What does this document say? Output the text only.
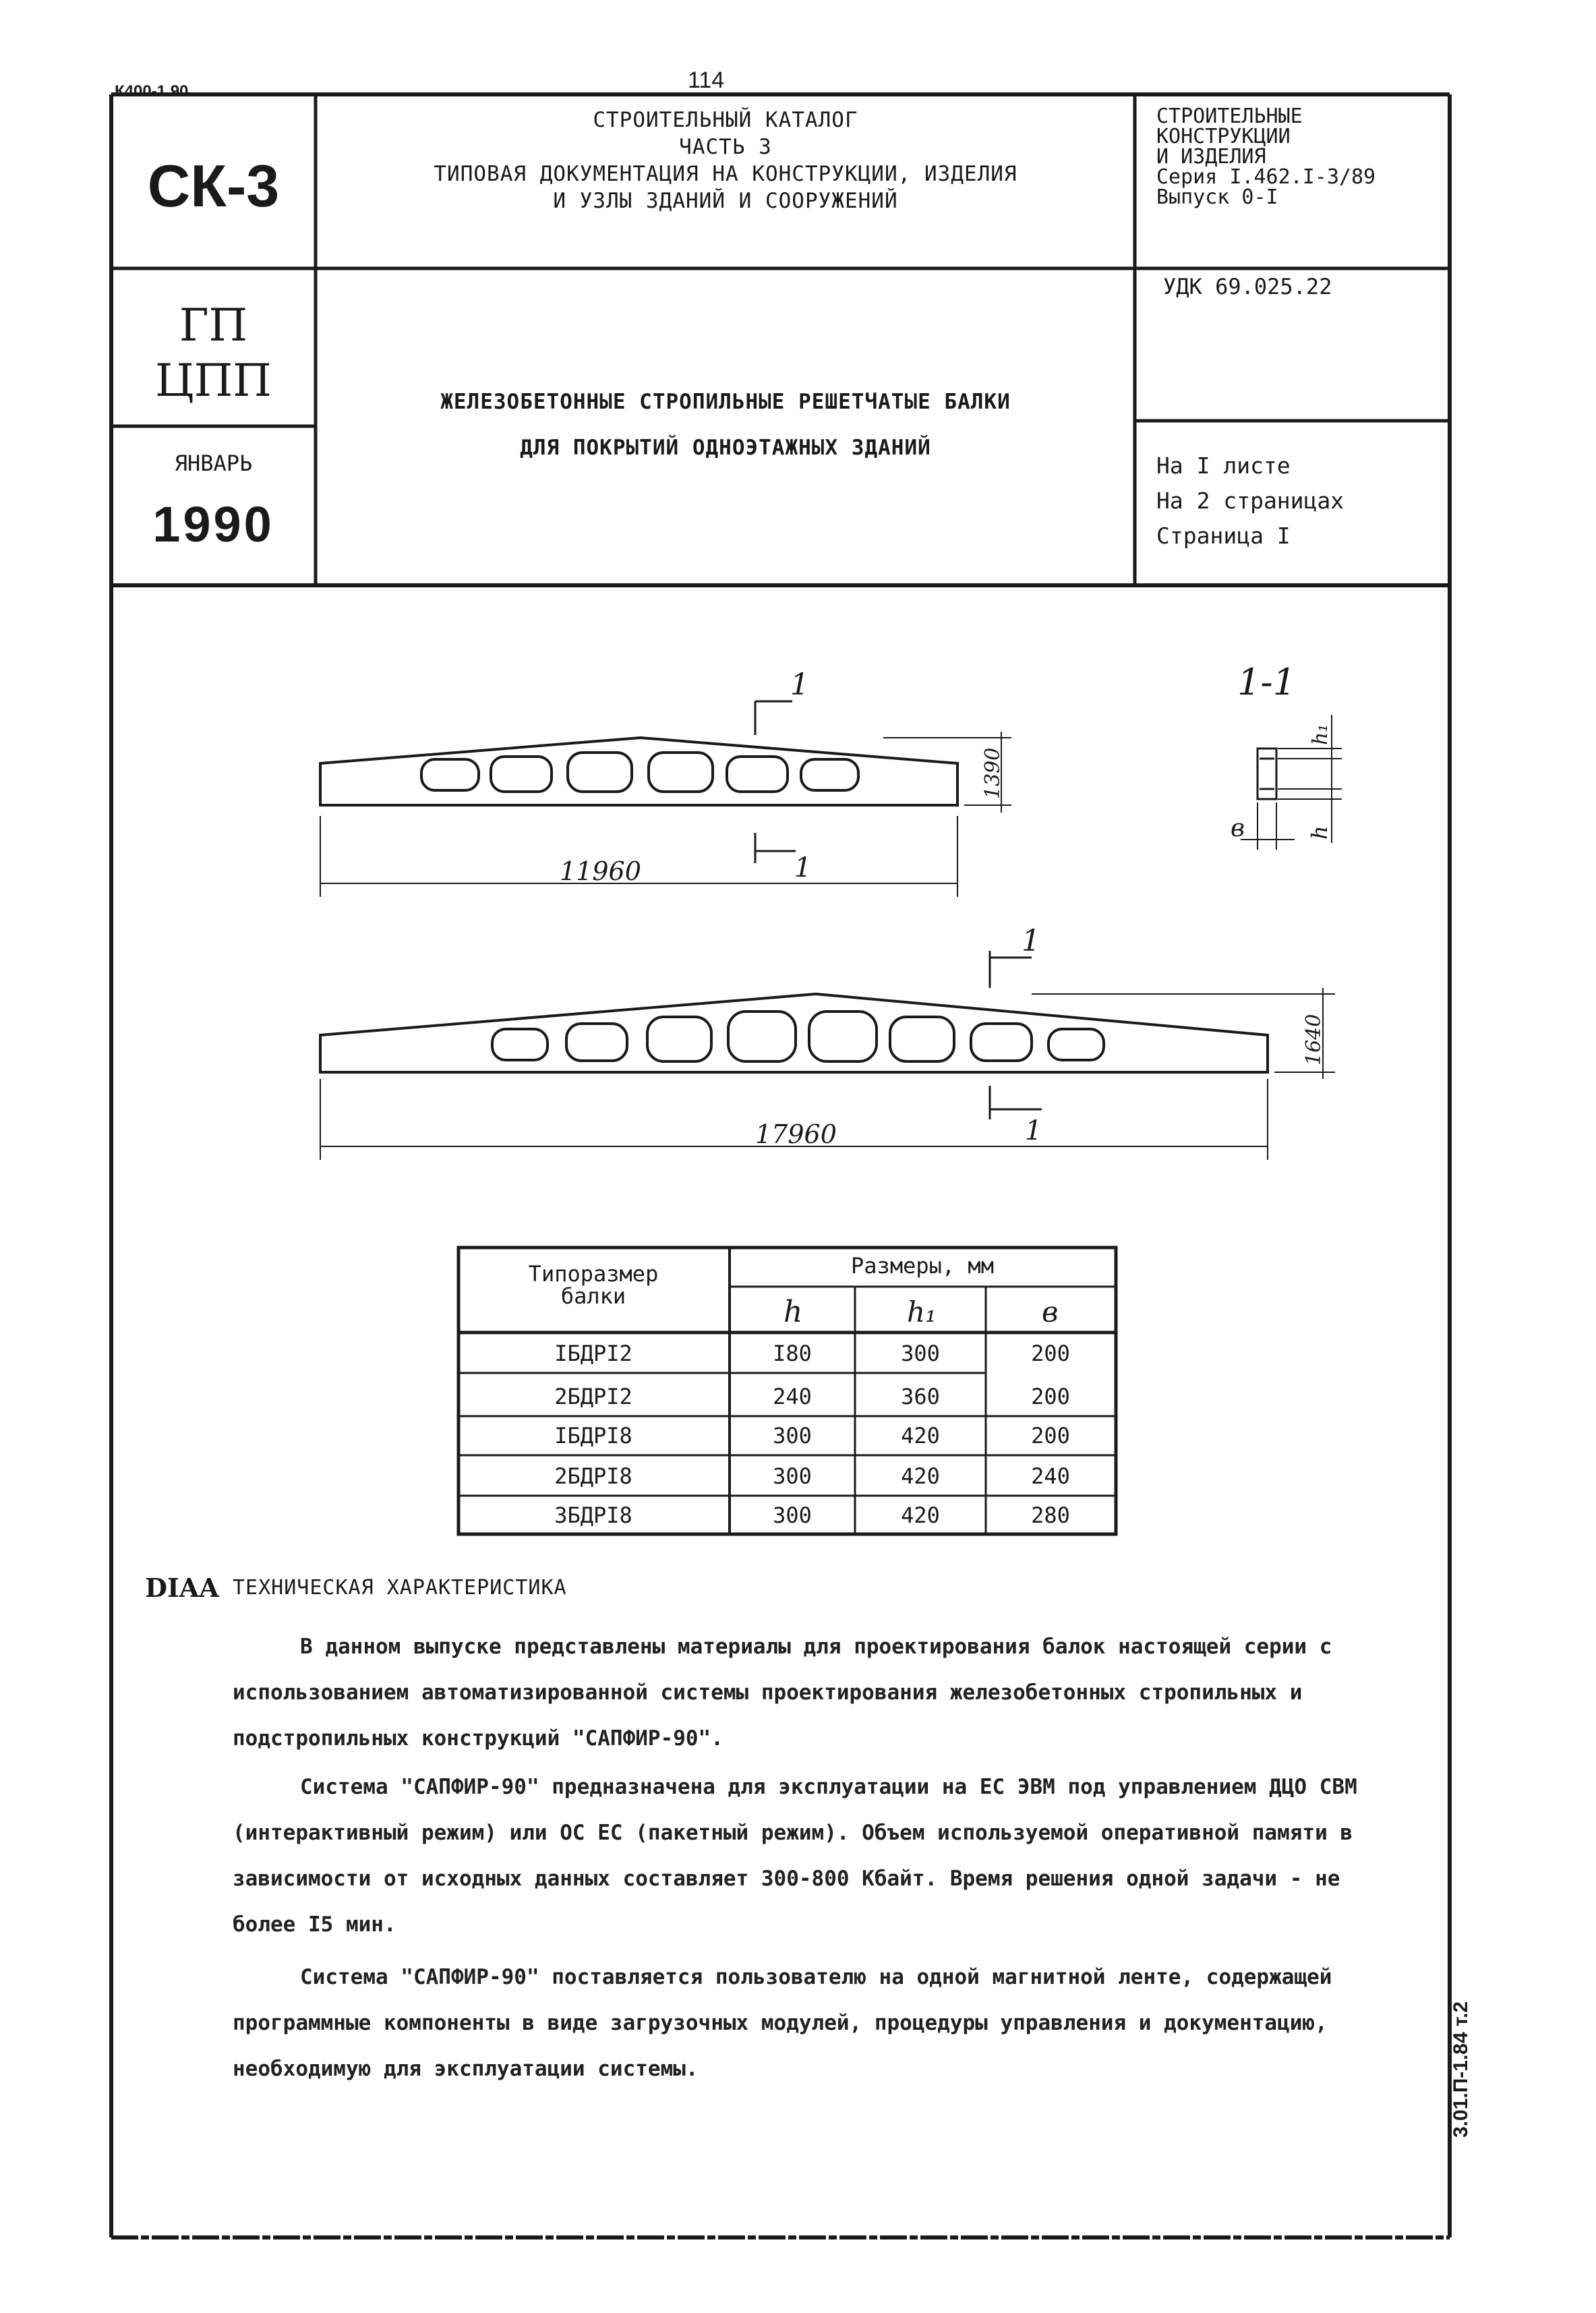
К400-1.90	114
1-1
1
1
1
1
11960
1390
17960
1640
h₁
h
в
Типоразмер
балки
Размеры, мм
h	h₁	в
IБДРI2	I80	300	200
2БДРI2	240	360	200
IБДРI8	300	420	200
2БДРI8	300	420	240
3БДРI8	300	420	280
СК-3
ГП
ЦПП
ЯНВАРЬ
1990
СТРОИТЕЛЬНЫЙ КАТАЛОГ
ЧАСТЬ 3
ТИПОВАЯ ДОКУМЕНТАЦИЯ НА КОНСТРУКЦИИ, ИЗДЕЛИЯ
И УЗЛЫ ЗДАНИЙ И СООРУЖЕНИЙ
ЖЕЛЕЗОБЕТОННЫЕ СТРОПИЛЬНЫЕ РЕШЕТЧАТЫЕ БАЛКИ
ДЛЯ ПОКРЫТИЙ ОДНОЭТАЖНЫХ ЗДАНИЙ
СТРОИТЕЛЬНЫЕ
КОНСТРУКЦИИ
И ИЗДЕЛИЯ
Серия I.462.I-3/89
Выпуск 0-I
УДК 69.025.22
На I листе
На 2 страницах
Страница I
DIAA ТЕХНИЧЕСКАЯ ХАРАКТЕРИСТИКА
В данном выпуске представлены материалы для проектирования балок настоящей серии с использованием автоматизированной системы проектирования железобетонных стропильных и подстропильных конструкций "САПФИР-90".
Система "САПФИР-90" предназначена для эксплуатации на ЕС ЭВМ под управлением ДЦО СВМ (интерактивный режим) или ОС ЕС (пакетный режим). Объем используемой оперативной памяти в зависимости от исходных данных составляет 300-800 Кбайт. Время решения одной задачи - не более I5 мин.
Система "САПФИР-90" поставляется пользователю на одной магнитной ленте, содержащей программные компоненты в виде загрузочных модулей, процедуры управления и документацию, необходимую для эксплуатации системы.	3.01.П-1.84 т.2
